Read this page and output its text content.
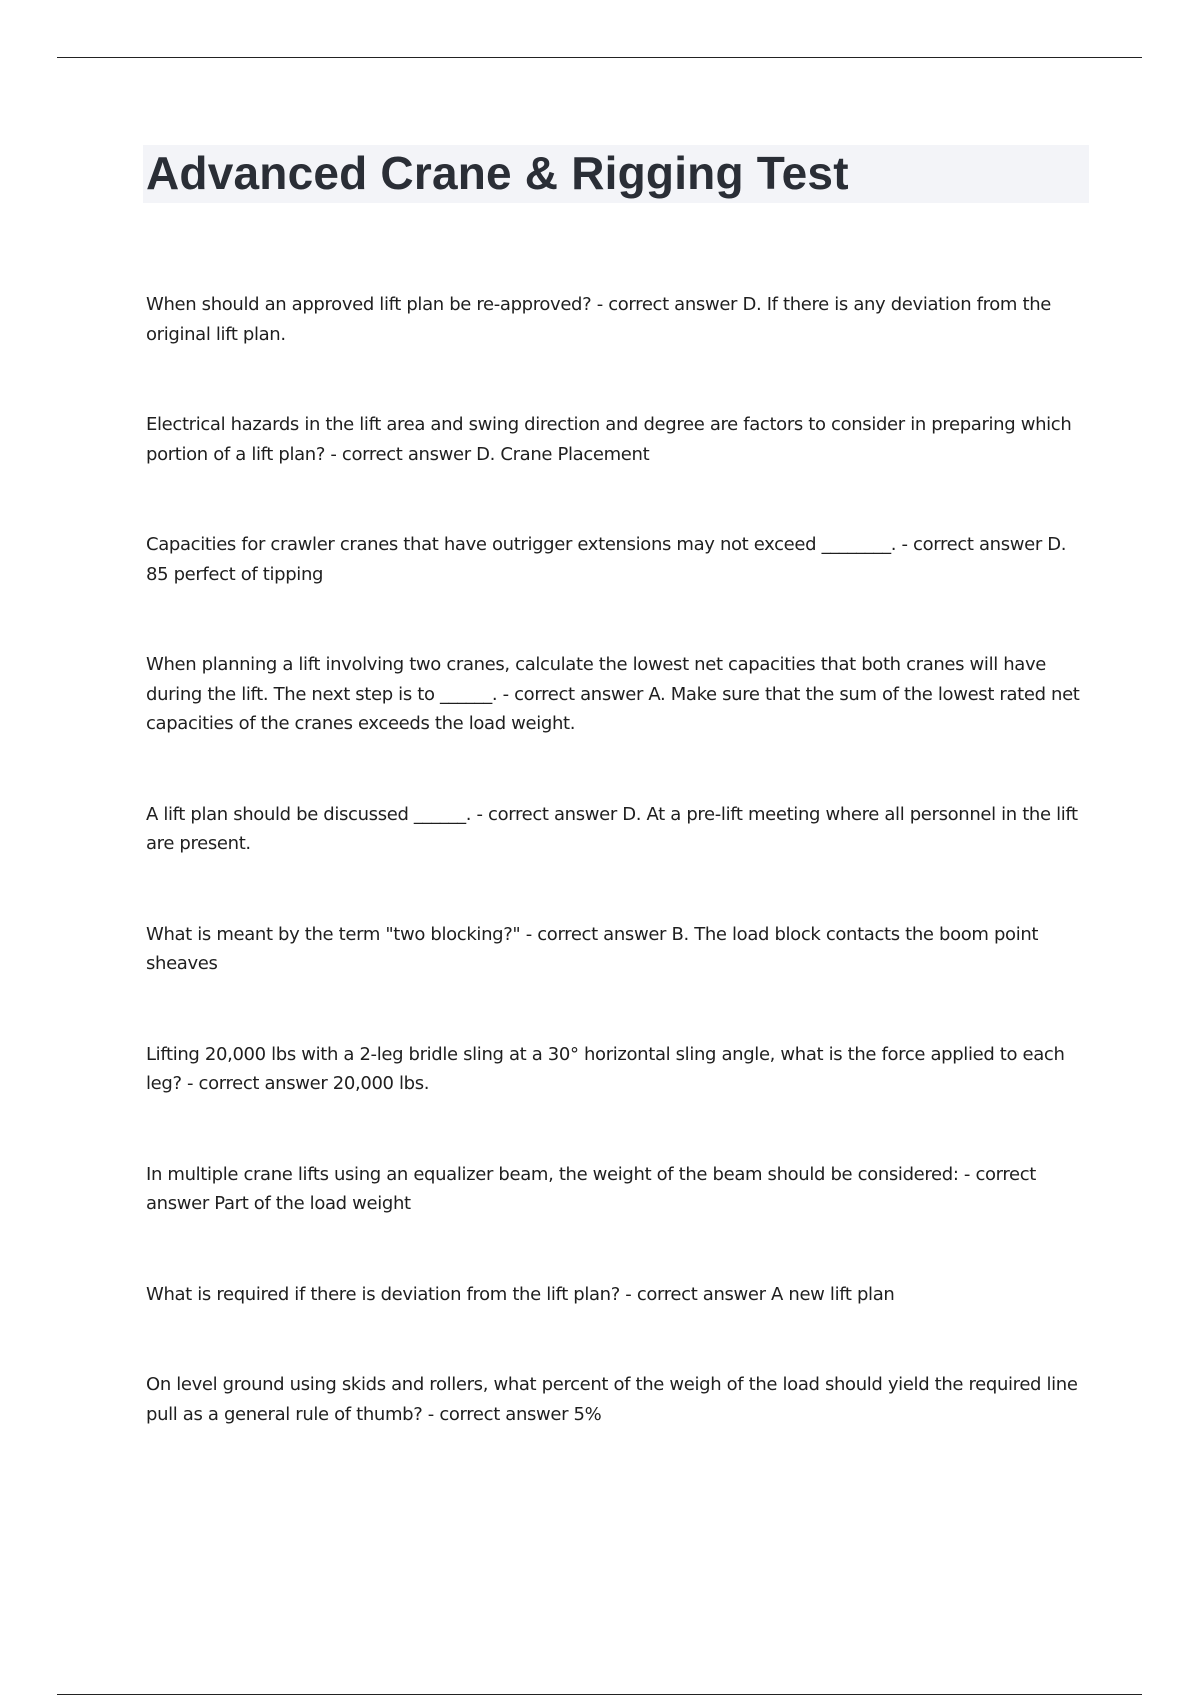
Advanced Crane & Rigging Test

When should an approved lift plan be re-approved? - correct answer D. If there is any deviation from the original lift plan.

Electrical hazards in the lift area and swing direction and degree are factors to consider in preparing which portion of a lift plan? - correct answer D. Crane Placement

Capacities for crawler cranes that have outrigger extensions may not exceed ________. - correct answer D. 85 perfect of tipping

When planning a lift involving two cranes, calculate the lowest net capacities that both cranes will have during the lift. The next step is to ______. - correct answer A. Make sure that the sum of the lowest rated net capacities of the cranes exceeds the load weight.

A lift plan should be discussed ______. - correct answer D. At a pre-lift meeting where all personnel in the lift are present.

What is meant by the term "two blocking?" - correct answer B. The load block contacts the boom point sheaves

Lifting 20,000 lbs with a 2-leg bridle sling at a 30° horizontal sling angle, what is the force applied to each leg? - correct answer 20,000 lbs.

In multiple crane lifts using an equalizer beam, the weight of the beam should be considered: - correct answer Part of the load weight

What is required if there is deviation from the lift plan? - correct answer A new lift plan

On level ground using skids and rollers, what percent of the weigh of the load should yield the required line pull as a general rule of thumb? - correct answer 5%
